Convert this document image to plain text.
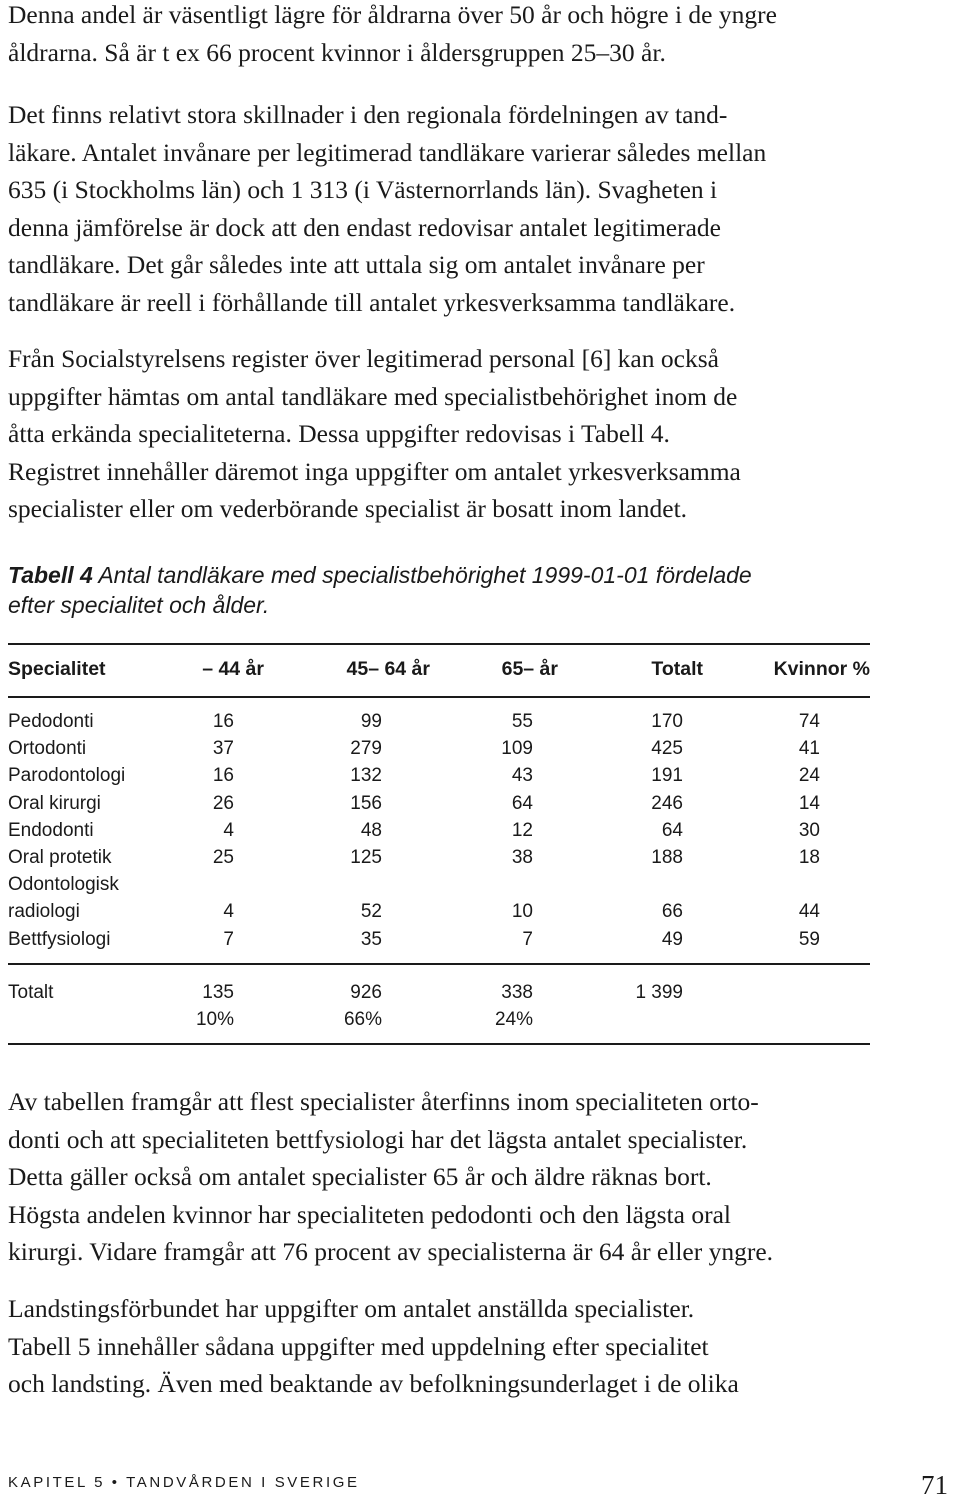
Denna andel är väsentligt lägre för åldrarna över 50 år och högre i de yngre
åldrarna. Så är t ex 66 procent kvinnor i åldersgruppen 25–30 år.
Det finns relativt stora skillnader i den regionala fördelningen av tand-
läkare. Antalet invånare per legitimerad tandläkare varierar således mellan
635 (i Stockholms län) och 1 313 (i Västernorrlands län). Svagheten i
denna jämförelse är dock att den endast redovisar antalet legitimerade
tandläkare. Det går således inte att uttala sig om antalet invånare per
tandläkare är reell i förhållande till antalet yrkesverksamma tandläkare.
Från Socialstyrelsens register över legitimerad personal [6] kan också
uppgifter hämtas om antal tandläkare med specialistbehörighet inom de
åtta erkända specialiteterna. Dessa uppgifter redovisas i Tabell 4.
Registret innehåller däremot inga uppgifter om antalet yrkesverksamma
specialister eller om vederbörande specialist är bosatt inom landet.
Tabell 4 Antal tandläkare med specialistbehörighet 1999-01-01 fördelade
efter specialitet och ålder.
Specialitet	– 44 år	45– 64 år	65– år	Totalt	Kvinnor %
Pedodonti	16	99	55	170	74	
Ortodonti	37	279	109	425	41	
Parodontologi	16	132	43	191	24	
Oral kirurgi	26	156	64	246	14	
Endodonti	4	48	12	64	30	
Oral protetik	25	125	38	188	18	
Odontologisk						
radiologi	4	52	10	66	44	
Bettfysiologi	7	35	7	49	59	
Totalt	135	926	338	1 399		
	10%	66%	24%			
Av tabellen framgår att flest specialister återfinns inom specialiteten orto-
donti och att specialiteten bettfysiologi har det lägsta antalet specialister.
Detta gäller också om antalet specialister 65 år och äldre räknas bort.
Högsta andelen kvinnor har specialiteten pedodonti och den lägsta oral
kirurgi. Vidare framgår att 76 procent av specialisterna är 64 år eller yngre.
Landstingsförbundet har uppgifter om antalet anställda specialister.
Tabell 5 innehåller sådana uppgifter med uppdelning efter specialitet
och landsting. Även med beaktande av befolkningsunderlaget i de olika
KAPITEL 5 • TANDVÅRDEN I SVERIGE	71
